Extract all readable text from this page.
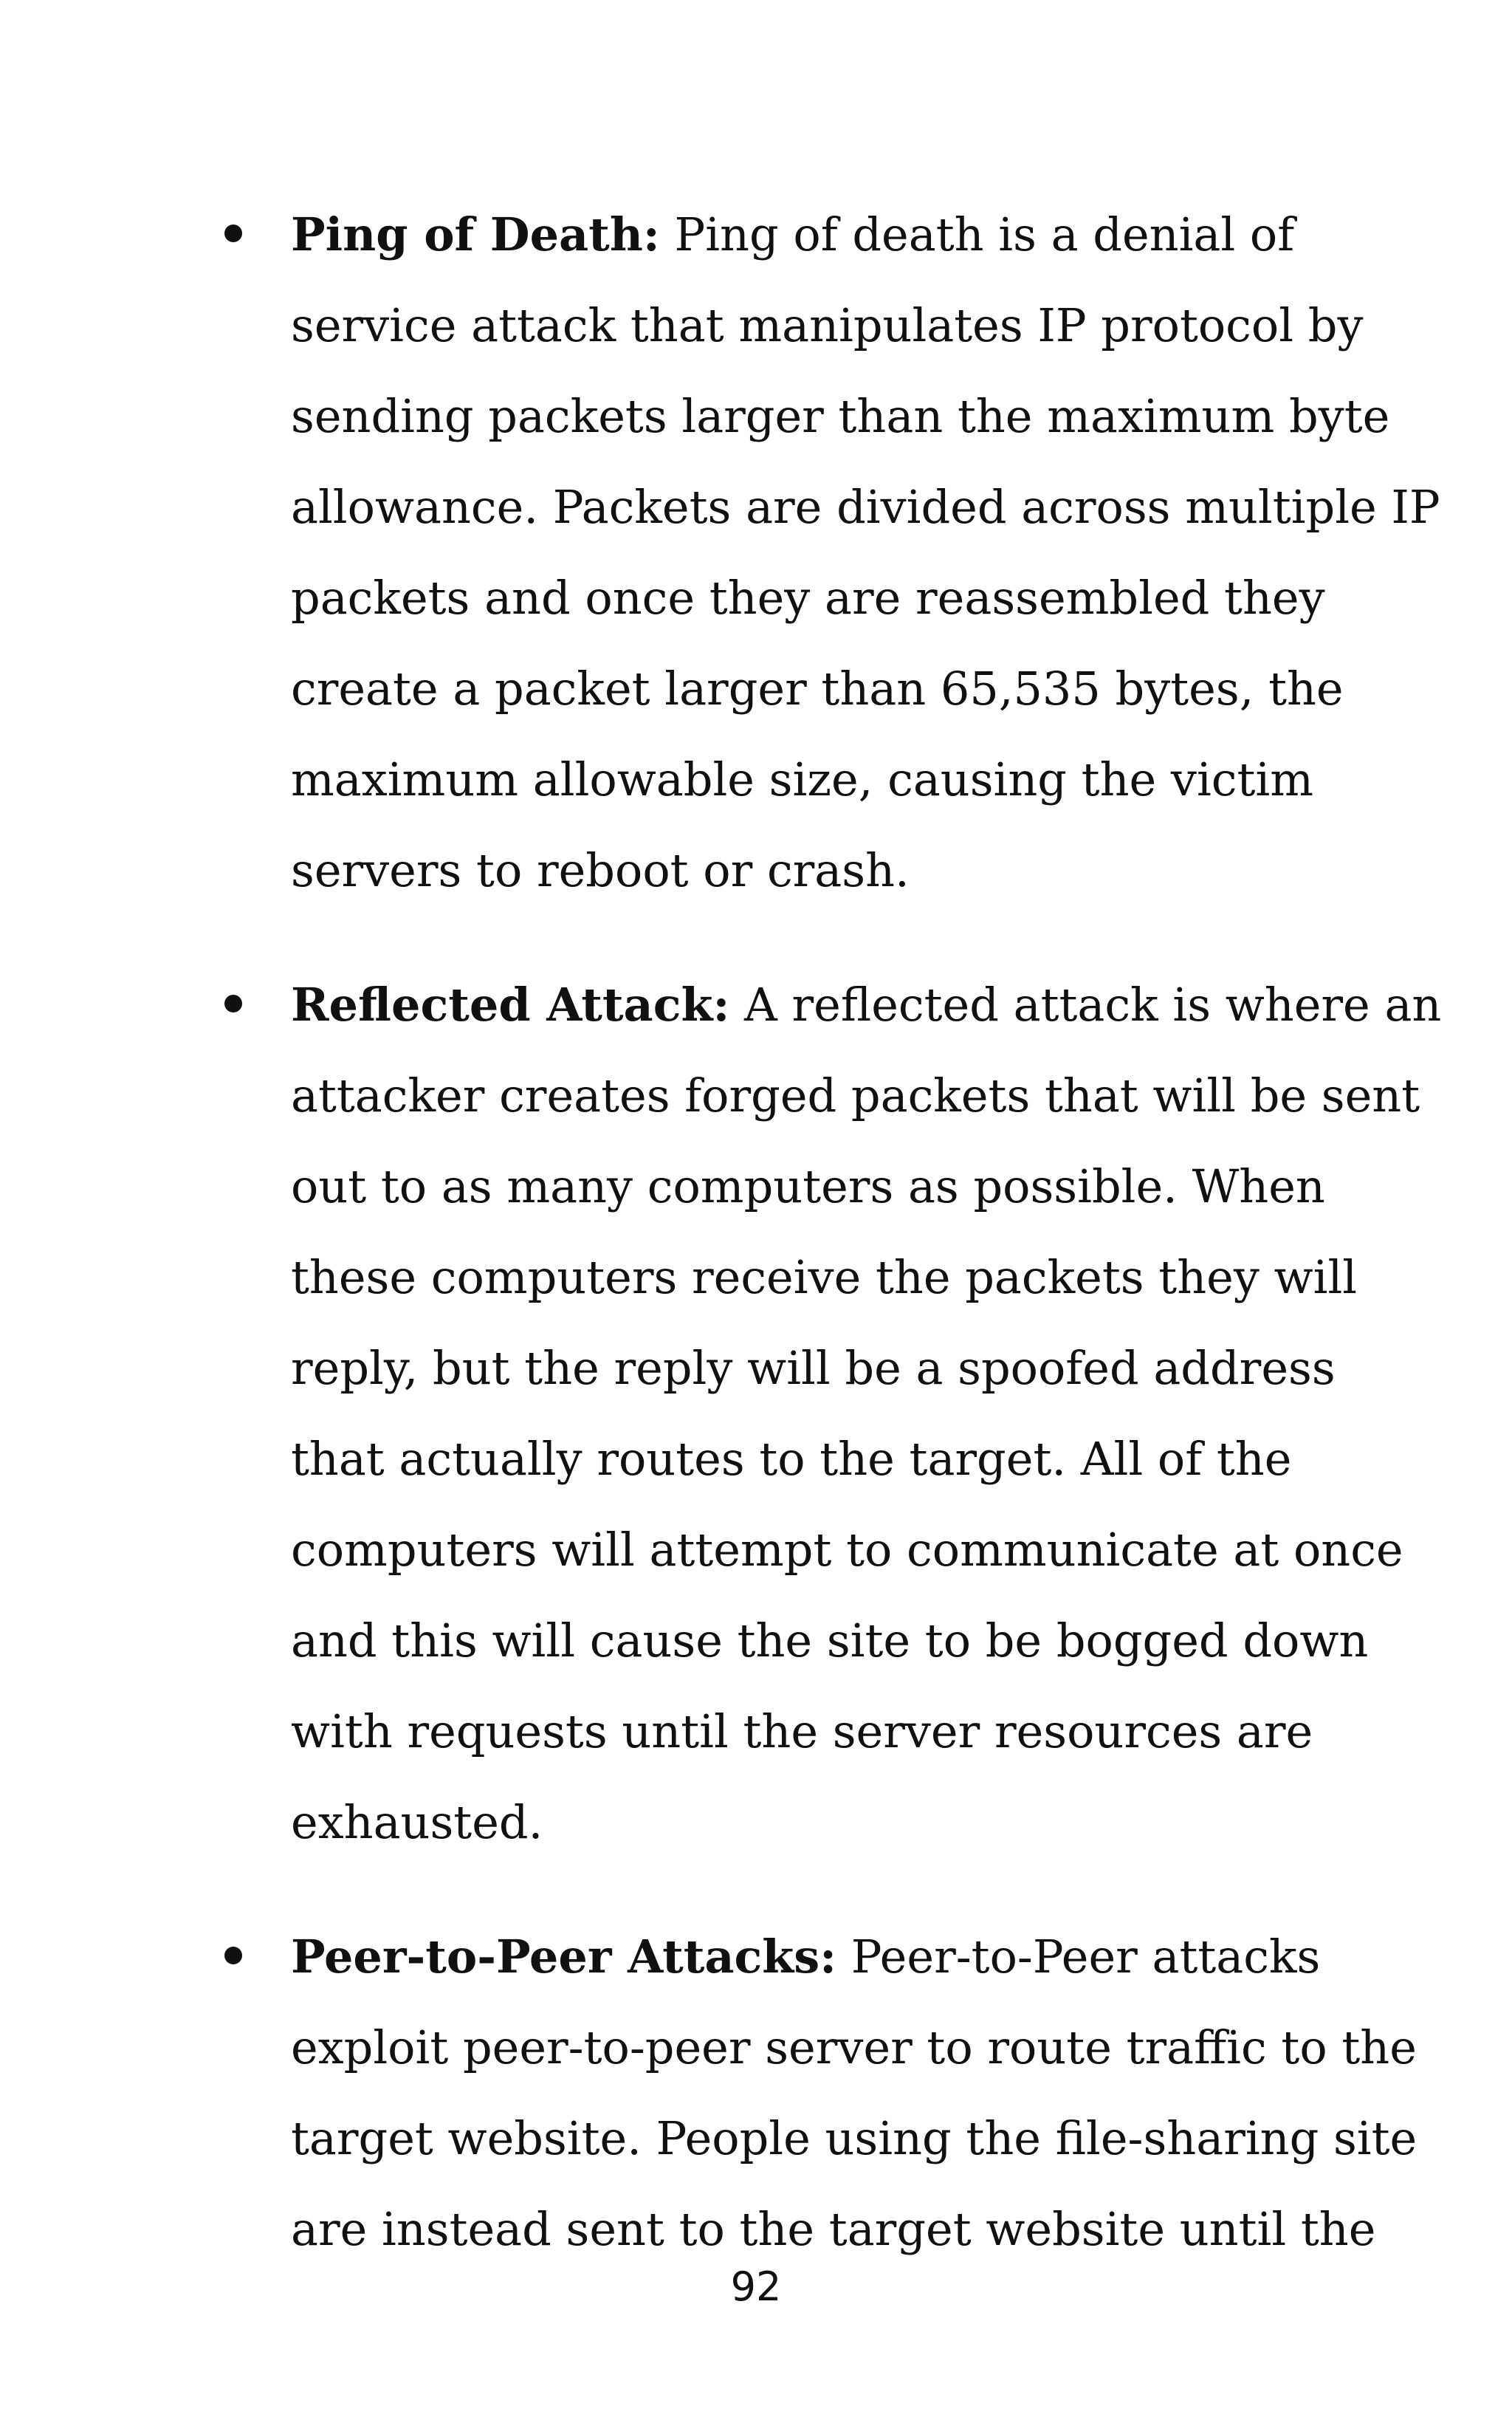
Ping of Death: Ping of death is a denial of
service attack that manipulates IP protocol by
sending packets larger than the maximum byte
allowance. Packets are divided across multiple IP
packets and once they are reassembled they
create a packet larger than 65,535 bytes, the
maximum allowable size, causing the victim
servers to reboot or crash.
Reflected Attack: A reflected attack is where an
attacker creates forged packets that will be sent
out to as many computers as possible. When
these computers receive the packets they will
reply, but the reply will be a spoofed address
that actually routes to the target. All of the
computers will attempt to communicate at once
and this will cause the site to be bogged down
with requests until the server resources are
exhausted.
Peer-to-Peer Attacks: Peer-to-Peer attacks
exploit peer-to-peer server to route traffic to the
target website. People using the file-sharing site
are instead sent to the target website until the
92
